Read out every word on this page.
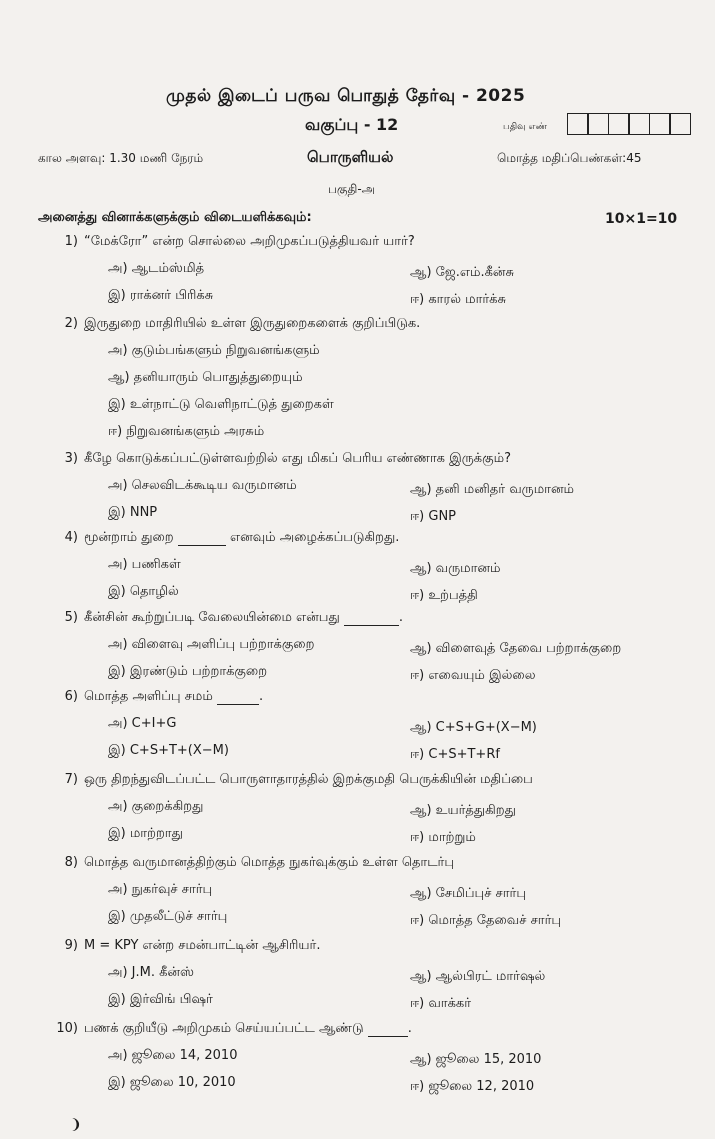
முதல் இடைப் பருவ பொதுத் தேர்வு - 2025
வகுப்பு - 12	பதிவு எண்
கால அளவு: 1.30 மணி நேரம்	பொருளியல்	மொத்த மதிப்பெண்கள்:45
பகுதி-அ
அனைத்து வினாக்களுக்கும் விடையளிக்கவும்:	10×1=10
1) “மேக்ரோ” என்ற சொல்லை அறிமுகப்படுத்தியவர் யார்?
அ) ஆடம்ஸ்மித்	ஆ) ஜே.எம்.கீன்சு
இ) ராக்னர் பிரிக்சு	ஈ) காரல் மார்க்சு
2) இருதுறை மாதிரியில் உள்ள இருதுறைகளைக் குறிப்பிடுக.
அ) குடும்பங்களும் நிறுவனங்களும்
ஆ) தனியாரும் பொதுத்துறையும்
இ) உள்நாட்டு வெளிநாட்டுத் துறைகள்
ஈ) நிறுவனங்களும் அரசும்
3) கீழே கொடுக்கப்பட்டுள்ளவற்றில் எது மிகப் பெரிய எண்ணாக இருக்கும்?
அ) செலவிடக்கூடிய வருமானம்	ஆ) தனி மனிதர் வருமானம்
இ) NNP	ஈ) GNP
4) மூன்றாம் துறை	எனவும் அழைக்கப்படுகிறது.
அ) பணிகள்	ஆ) வருமானம்
இ) தொழில்	ஈ) உற்பத்தி
5) கீன்சின் கூற்றுப்படி வேலையின்மை என்பது	.
அ) விளைவு அளிப்பு பற்றாக்குறை	ஆ) விளைவுத் தேவை பற்றாக்குறை
இ) இரண்டும் பற்றாக்குறை	ஈ) எவையும் இல்லை
6) மொத்த அளிப்பு சமம்	.
அ) C+I+G	ஆ) C+S+G+(X−M)
இ) C+S+T+(X−M)	ஈ) C+S+T+Rf
7) ஒரு திறந்துவிடப்பட்ட பொருளாதாரத்தில் இறக்குமதி பெருக்கியின் மதிப்பை
அ) குறைக்கிறது	ஆ) உயர்த்துகிறது
இ) மாற்றாது	ஈ) மாற்றும்
8) மொத்த வருமானத்திற்கும் மொத்த நுகர்வுக்கும் உள்ள தொடர்பு
அ) நுகர்வுச் சார்பு	ஆ) சேமிப்புச் சார்பு
இ) முதலீட்டுச் சார்பு	ஈ) மொத்த தேவைச் சார்பு
9) M = KPY என்ற சமன்பாட்டின் ஆசிரியர்.
அ) J.M. கீன்ஸ்	ஆ) ஆல்பிரட் மார்ஷல்
இ) இர்விங் பிஷர்	ஈ) வாக்கர்
10) பணக் குறியீடு அறிமுகம் செய்யப்பட்ட ஆண்டு	.
அ) ஜூலை 14, 2010	ஆ) ஜூலை 15, 2010
இ) ஜூலை 10, 2010	ஈ) ஜூலை 12, 2010
❩
